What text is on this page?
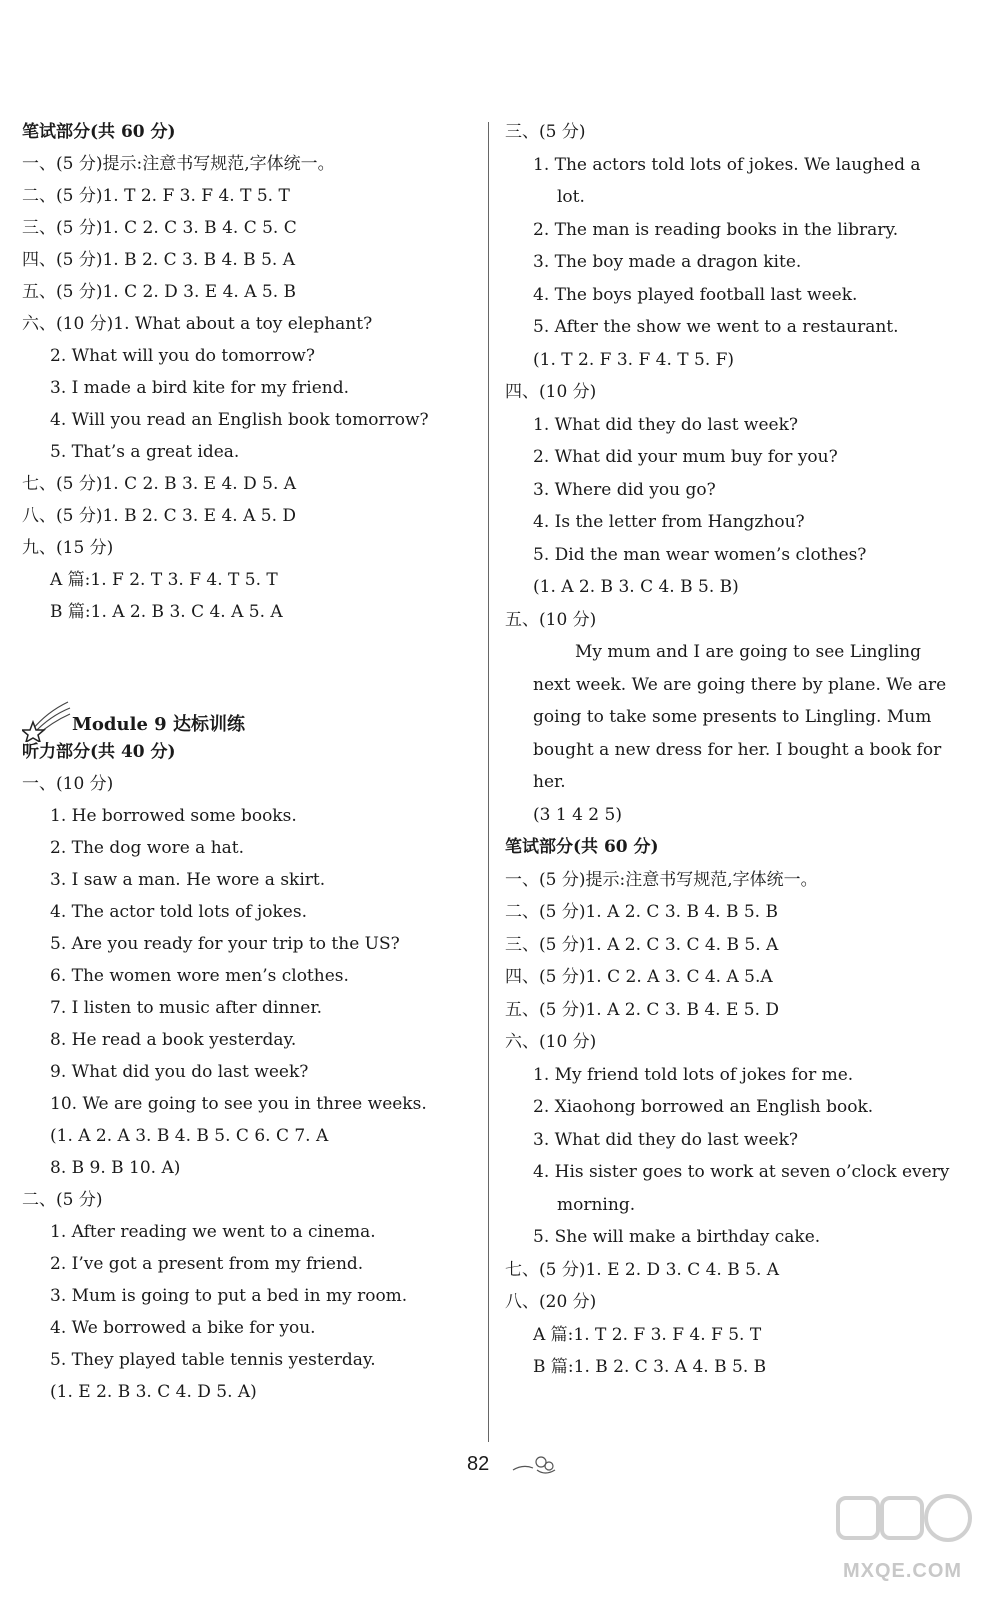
笔试部分(共 60 分)
一、(5 分)提示:注意书写规范,字体统一。
二、(5 分)1. T 2. F 3. F 4. T 5. T
三、(5 分)1. C 2. C 3. B 4. C 5. C
四、(5 分)1. B 2. C 3. B 4. B 5. A
五、(5 分)1. C 2. D 3. E 4. A 5. B
六、(10 分)1. What about a toy elephant?
2. What will you do tomorrow?
3. I made a bird kite for my friend.
4. Will you read an English book tomorrow?
5. That’s a great idea.
七、(5 分)1. C 2. B 3. E 4. D 5. A
八、(5 分)1. B 2. C 3. E 4. A 5. D
九、(15 分)
A 篇:1. F 2. T 3. F 4. T 5. T
B 篇:1. A 2. B 3. C 4. A 5. A
Module 9 达标训练
听力部分(共 40 分)
一、(10 分)
1. He borrowed some books.
2. The dog wore a hat.
3. I saw a man. He wore a skirt.
4. The actor told lots of jokes.
5. Are you ready for your trip to the US?
6. The women wore men’s clothes.
7. I listen to music after dinner.
8. He read a book yesterday.
9. What did you do last week?
10. We are going to see you in three weeks.
(1. A 2. A 3. B 4. B 5. C 6. C 7. A
8. B 9. B 10. A)
二、(5 分)
1. After reading we went to a cinema.
2. I’ve got a present from my friend.
3. Mum is going to put a bed in my room.
4. We borrowed a bike for you.
5. They played table tennis yesterday.
(1. E 2. B 3. C 4. D 5. A)
三、(5 分)
1. The actors told lots of jokes. We laughed a
lot.
2. The man is reading books in the library.
3. The boy made a dragon kite.
4. The boys played football last week.
5. After the show we went to a restaurant.
(1. T 2. F 3. F 4. T 5. F)
四、(10 分)
1. What did they do last week?
2. What did your mum buy for you?
3. Where did you go?
4. Is the letter from Hangzhou?
5. Did the man wear women’s clothes?
(1. A 2. B 3. C 4. B 5. B)
五、(10 分)
My mum and I are going to see Lingling
next week. We are going there by plane. We are
going to take some presents to Lingling. Mum
bought a new dress for her. I bought a book for
her.
(3 1 4 2 5)
笔试部分(共 60 分)
一、(5 分)提示:注意书写规范,字体统一。
二、(5 分)1. A 2. C 3. B 4. B 5. B
三、(5 分)1. A 2. C 3. C 4. B 5. A
四、(5 分)1. C 2. A 3. C 4. A 5.A
五、(5 分)1. A 2. C 3. B 4. E 5. D
六、(10 分)
1. My friend told lots of jokes for me.
2. Xiaohong borrowed an English book.
3. What did they do last week?
4. His sister goes to work at seven o’clock every
morning.
5. She will make a birthday cake.
七、(5 分)1. E 2. D 3. C 4. B 5. A
八、(20 分)
A 篇:1. T 2. F 3. F 4. F 5. T
B 篇:1. B 2. C 3. A 4. B 5. B
82
MXQE.COM
